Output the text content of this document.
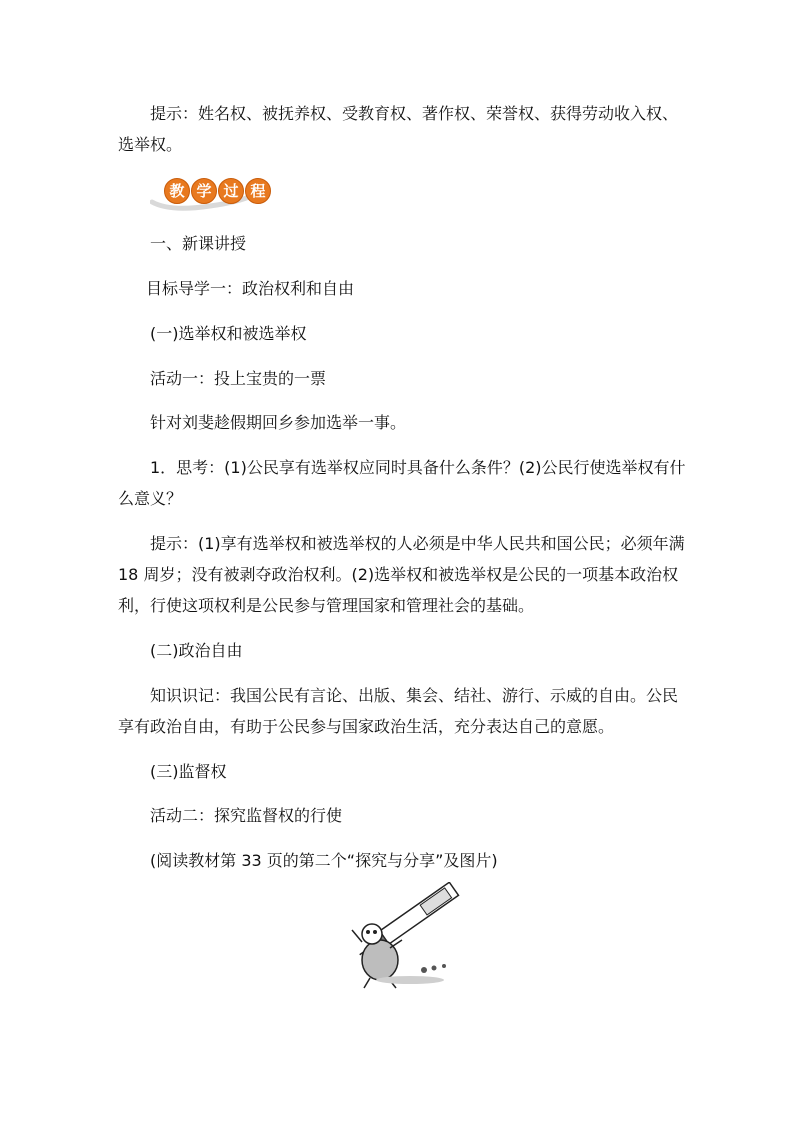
提示：姓名权、被抚养权、受教育权、著作权、荣誉权、获得劳动收入权、选举权。

教 学 过 程

一、新课讲授

目标导学一：政治权利和自由

(一)选举权和被选举权

活动一：投上宝贵的一票

针对刘斐趁假期回乡参加选举一事。

1．思考：(1)公民享有选举权应同时具备什么条件？(2)公民行使选举权有什么意义？

提示：(1)享有选举权和被选举权的人必须是中华人民共和国公民；必须年满 18 周岁；没有被剥夺政治权利。(2)选举权和被选举权是公民的一项基本政治权利，行使这项权利是公民参与管理国家和管理社会的基础。

(二)政治自由

知识识记：我国公民有言论、出版、集会、结社、游行、示威的自由。公民享有政治自由，有助于公民参与国家政治生活，充分表达自己的意愿。

(三)监督权

活动二：探究监督权的行使

(阅读教材第 33 页的第二个“探究与分享”及图片)
